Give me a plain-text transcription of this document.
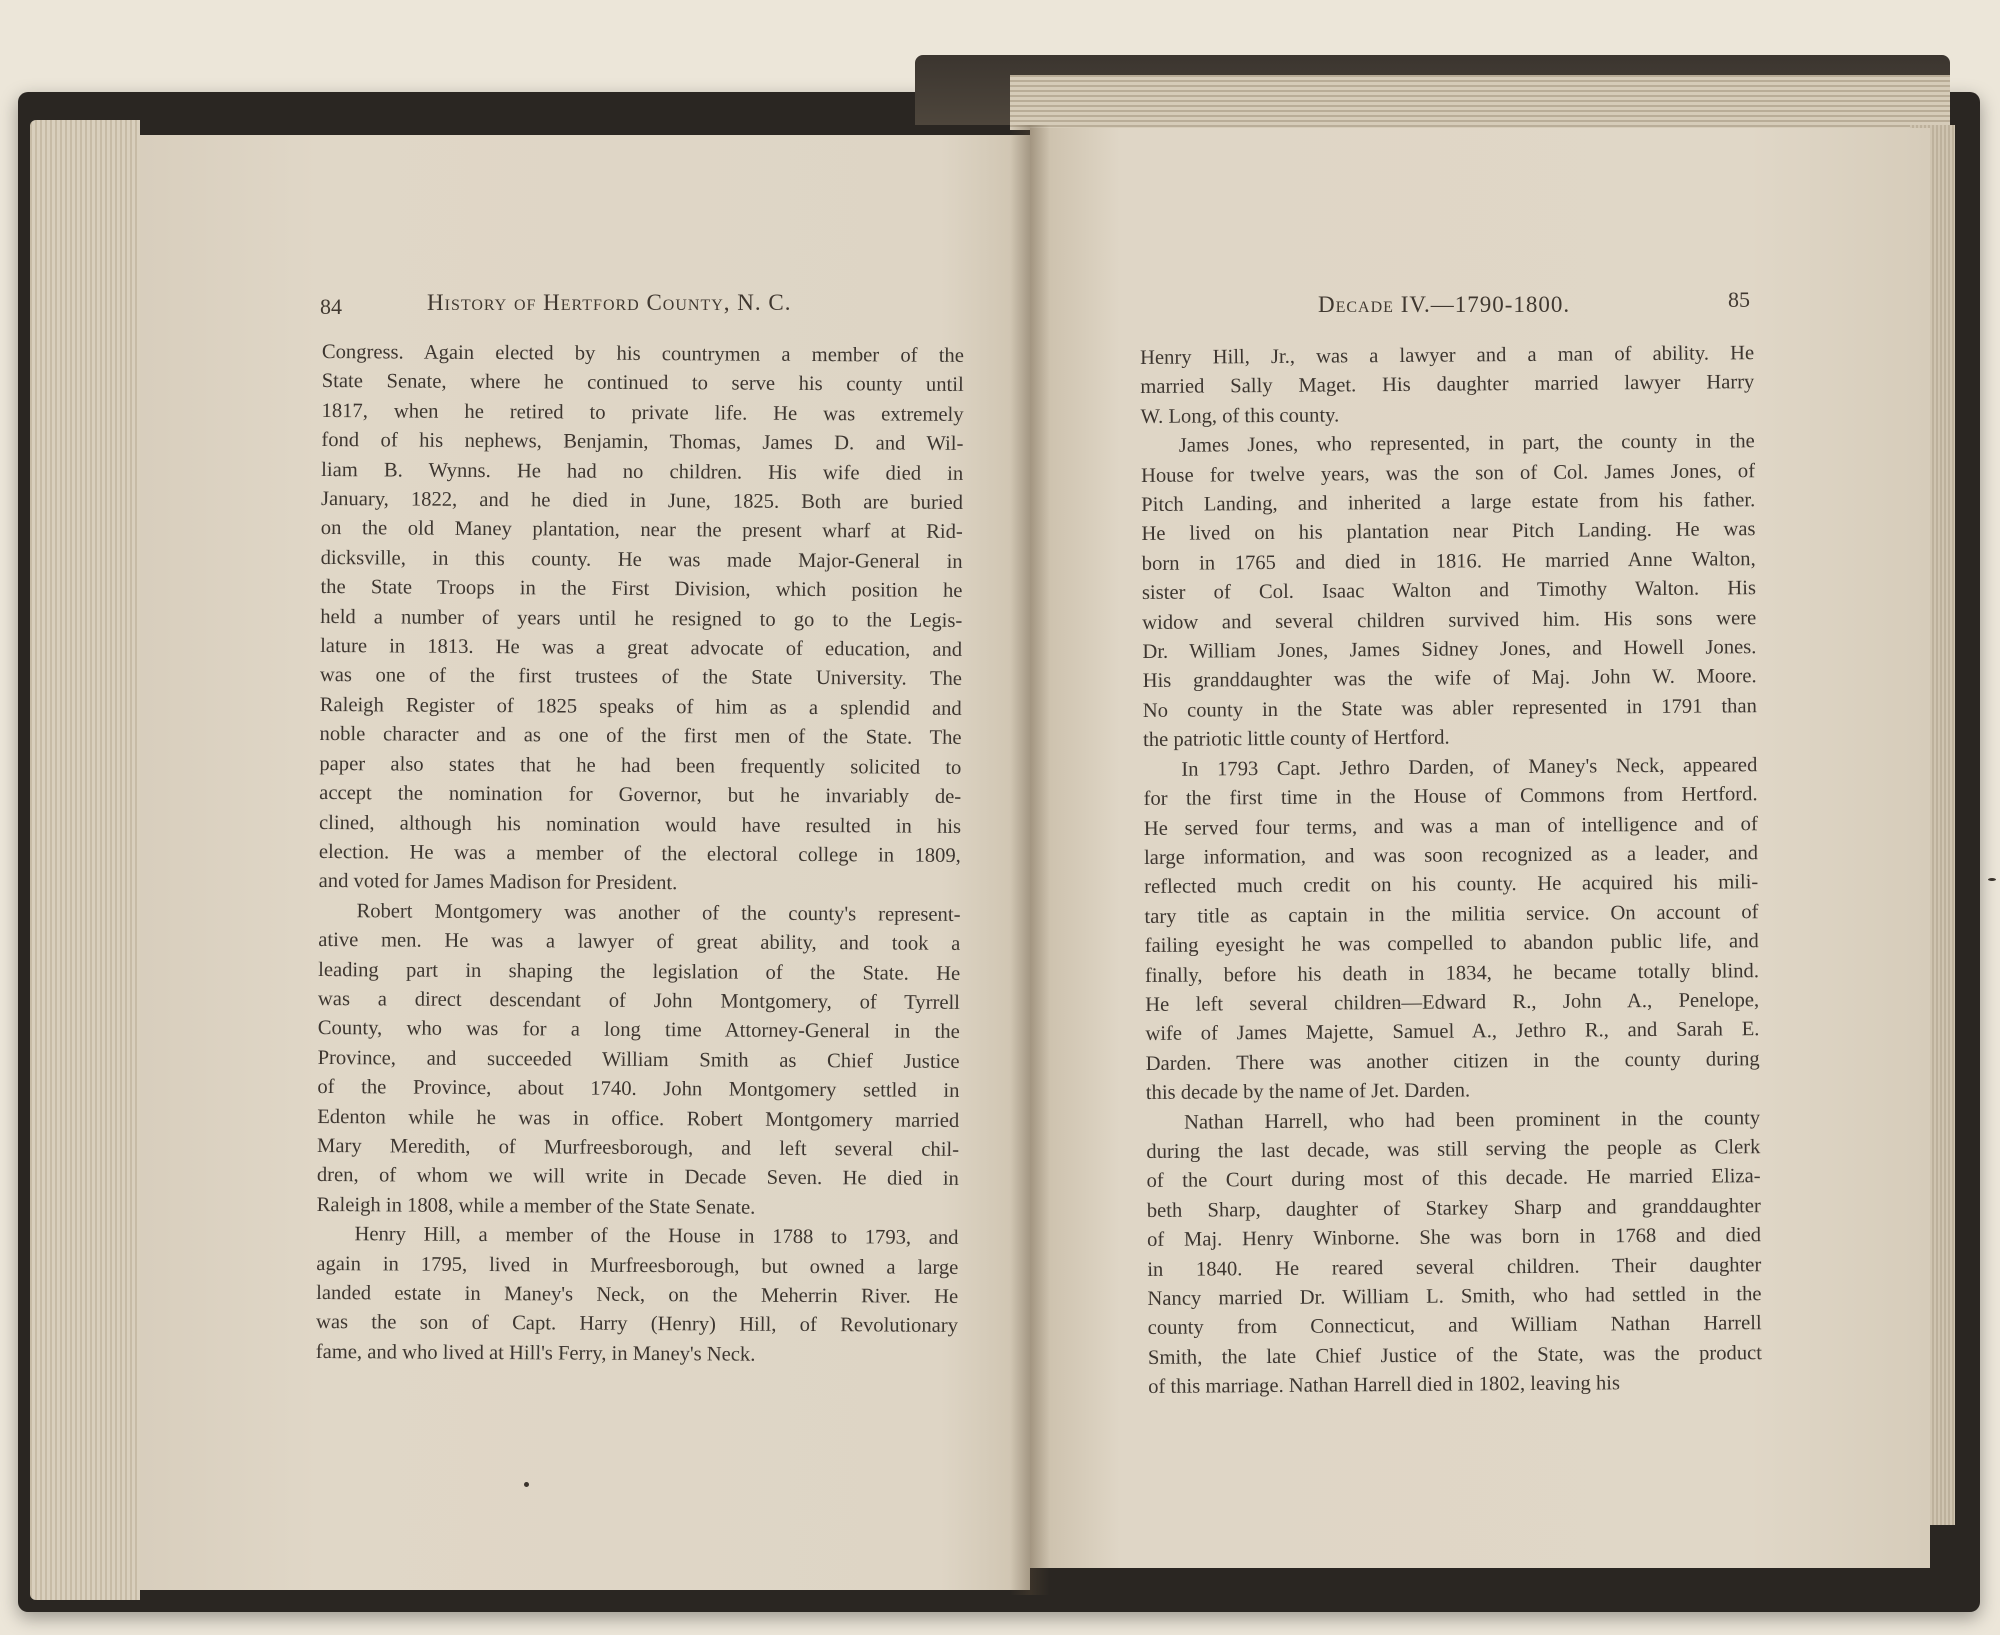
84	History of Hertford County, N. C.	Decade IV.—1790-1800.	85

Congress. Again elected by his countrymen a member of the
State Senate, where he continued to serve his county until
1817, when he retired to private life. He was extremely
fond of his nephews, Benjamin, Thomas, James D. and Wil-
liam B. Wynns. He had no children. His wife died in
January, 1822, and he died in June, 1825. Both are buried
on the old Maney plantation, near the present wharf at Rid-
dicksville, in this county. He was made Major-General in
the State Troops in the First Division, which position he
held a number of years until he resigned to go to the Legis-
lature in 1813. He was a great advocate of education, and
was one of the first trustees of the State University. The
Raleigh Register of 1825 speaks of him as a splendid and
noble character and as one of the first men of the State. The
paper also states that he had been frequently solicited to
accept the nomination for Governor, but he invariably de-
clined, although his nomination would have resulted in his
election. He was a member of the electoral college in 1809,
and voted for James Madison for President.

Robert Montgomery was another of the county's represent-
ative men. He was a lawyer of great ability, and took a
leading part in shaping the legislation of the State. He
was a direct descendant of John Montgomery, of Tyrrell
County, who was for a long time Attorney-General in the
Province, and succeeded William Smith as Chief Justice
of the Province, about 1740. John Montgomery settled in
Edenton while he was in office. Robert Montgomery married
Mary Meredith, of Murfreesborough, and left several chil-
dren, of whom we will write in Decade Seven. He died in
Raleigh in 1808, while a member of the State Senate.

Henry Hill, a member of the House in 1788 to 1793, and
again in 1795, lived in Murfreesborough, but owned a large
landed estate in Maney's Neck, on the Meherrin River. He
was the son of Capt. Harry (Henry) Hill, of Revolutionary
fame, and who lived at Hill's Ferry, in Maney's Neck.

Henry Hill, Jr., was a lawyer and a man of ability. He
married Sally Maget. His daughter married lawyer Harry
W. Long, of this county.

James Jones, who represented, in part, the county in the
House for twelve years, was the son of Col. James Jones, of
Pitch Landing, and inherited a large estate from his father.
He lived on his plantation near Pitch Landing. He was
born in 1765 and died in 1816. He married Anne Walton,
sister of Col. Isaac Walton and Timothy Walton. His
widow and several children survived him. His sons were
Dr. William Jones, James Sidney Jones, and Howell Jones.
His granddaughter was the wife of Maj. John W. Moore.
No county in the State was abler represented in 1791 than
the patriotic little county of Hertford.

In 1793 Capt. Jethro Darden, of Maney's Neck, appeared
for the first time in the House of Commons from Hertford.
He served four terms, and was a man of intelligence and of
large information, and was soon recognized as a leader, and
reflected much credit on his county. He acquired his mili-
tary title as captain in the militia service. On account of
failing eyesight he was compelled to abandon public life, and
finally, before his death in 1834, he became totally blind.
He left several children—Edward R., John A., Penelope,
wife of James Majette, Samuel A., Jethro R., and Sarah E.
Darden. There was another citizen in the county during
this decade by the name of Jet. Darden.

Nathan Harrell, who had been prominent in the county
during the last decade, was still serving the people as Clerk
of the Court during most of this decade. He married Eliza-
beth Sharp, daughter of Starkey Sharp and granddaughter
of Maj. Henry Winborne. She was born in 1768 and died
in 1840. He reared several children. Their daughter
Nancy married Dr. William L. Smith, who had settled in the
county from Connecticut, and William Nathan Harrell
Smith, the late Chief Justice of the State, was the product
of this marriage. Nathan Harrell died in 1802, leaving his
